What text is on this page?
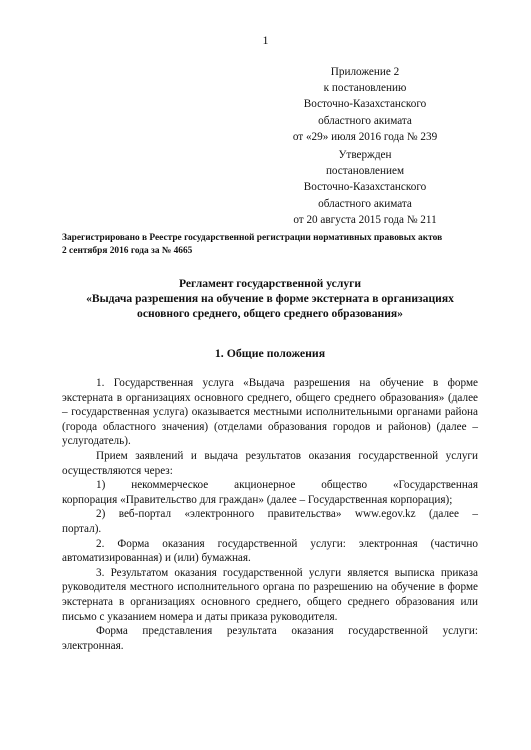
1
Приложение 2
к постановлению
Восточно-Казахстанского
областного акимата
от «29» июля 2016 года № 239
Утвержден
постановлением
Восточно-Казахстанского
областного акимата
от 20 августа 2015 года № 211
Зарегистрировано в Реестре государственной регистрации нормативных правовых актов
2 сентября 2016 года за № 4665
Регламент государственной услуги
«Выдача разрешения на обучение в форме экстерната в организациях
основного среднего, общего среднего образования»
1. Общие положения

1. Государственная услуга «Выдача разрешения на обучение в форме экстерната в организациях основного среднего, общего среднего образования» (далее – государственная услуга) оказывается местными исполнительными органами района (города областного значения) (отделами образования городов и районов) (далее – услугодатель).

Прием заявлений и выдача результатов оказания государственной услуги осуществляются через:

1) некоммерческое акционерное общество «Государственная

корпорация «Правительство для граждан» (далее – Государственная корпорация);

2) веб-портал «электронного правительства» www.egov.kz (далее –

портал).

2. Форма оказания государственной услуги: электронная (частично автоматизированная) и (или) бумажная.

3. Результатом оказания государственной услуги является выписка приказа руководителя местного исполнительного органа по разрешению на обучение в форме экстерната в организациях основного среднего, общего среднего образования или письмо с указанием номера и даты приказа руководителя.

Форма представления результата оказания государственной услуги: электронная.
